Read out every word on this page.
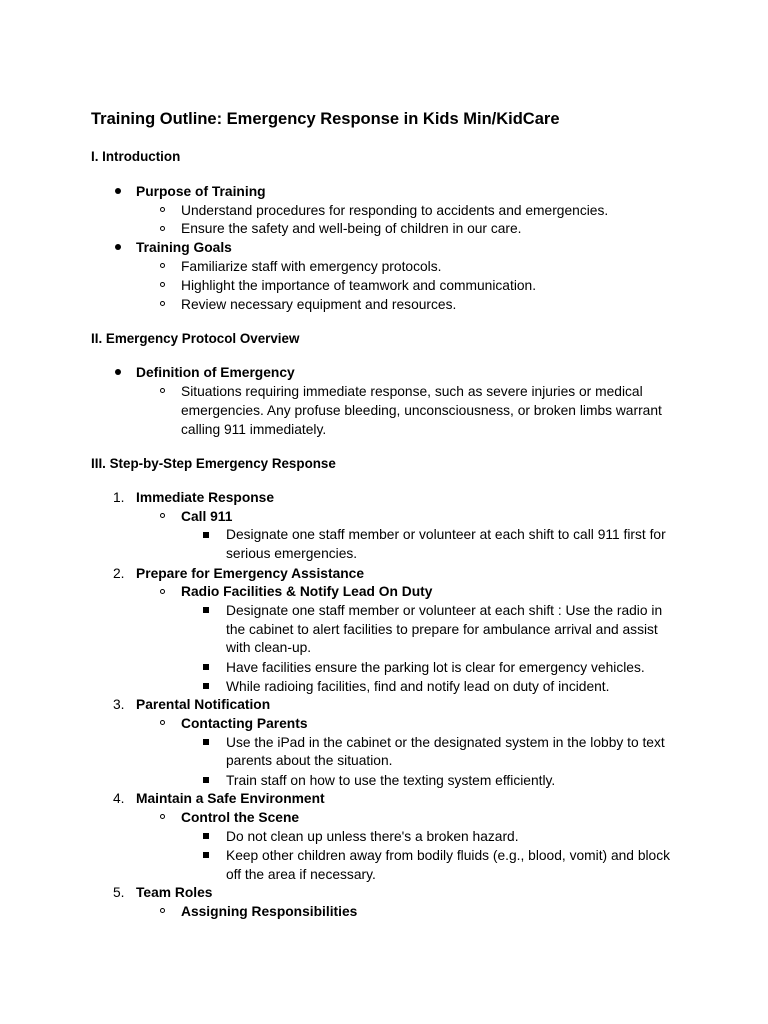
Training Outline: Emergency Response in Kids Min/KidCare
I. Introduction
Purpose of Training
Understand procedures for responding to accidents and emergencies.
Ensure the safety and well-being of children in our care.
Training Goals
Familiarize staff with emergency protocols.
Highlight the importance of teamwork and communication.
Review necessary equipment and resources.
II. Emergency Protocol Overview
Definition of Emergency
Situations requiring immediate response, such as severe injuries or medical
emergencies. Any profuse bleeding, unconsciousness, or broken limbs warrant
calling 911 immediately.
III. Step-by-Step Emergency Response
1. Immediate Response
Call 911
Designate one staff member or volunteer at each shift to call 911 first for
serious emergencies.
2. Prepare for Emergency Assistance
Radio Facilities & Notify Lead On Duty
Designate one staff member or volunteer at each shift : Use the radio in
the cabinet to alert facilities to prepare for ambulance arrival and assist
with clean-up.
Have facilities ensure the parking lot is clear for emergency vehicles.
While radioing facilities, find and notify lead on duty of incident.
3. Parental Notification
Contacting Parents
Use the iPad in the cabinet or the designated system in the lobby to text
parents about the situation.
Train staff on how to use the texting system efficiently.
4. Maintain a Safe Environment
Control the Scene
Do not clean up unless there's a broken hazard.
Keep other children away from bodily fluids (e.g., blood, vomit) and block
off the area if necessary.
5. Team Roles
Assigning Responsibilities
